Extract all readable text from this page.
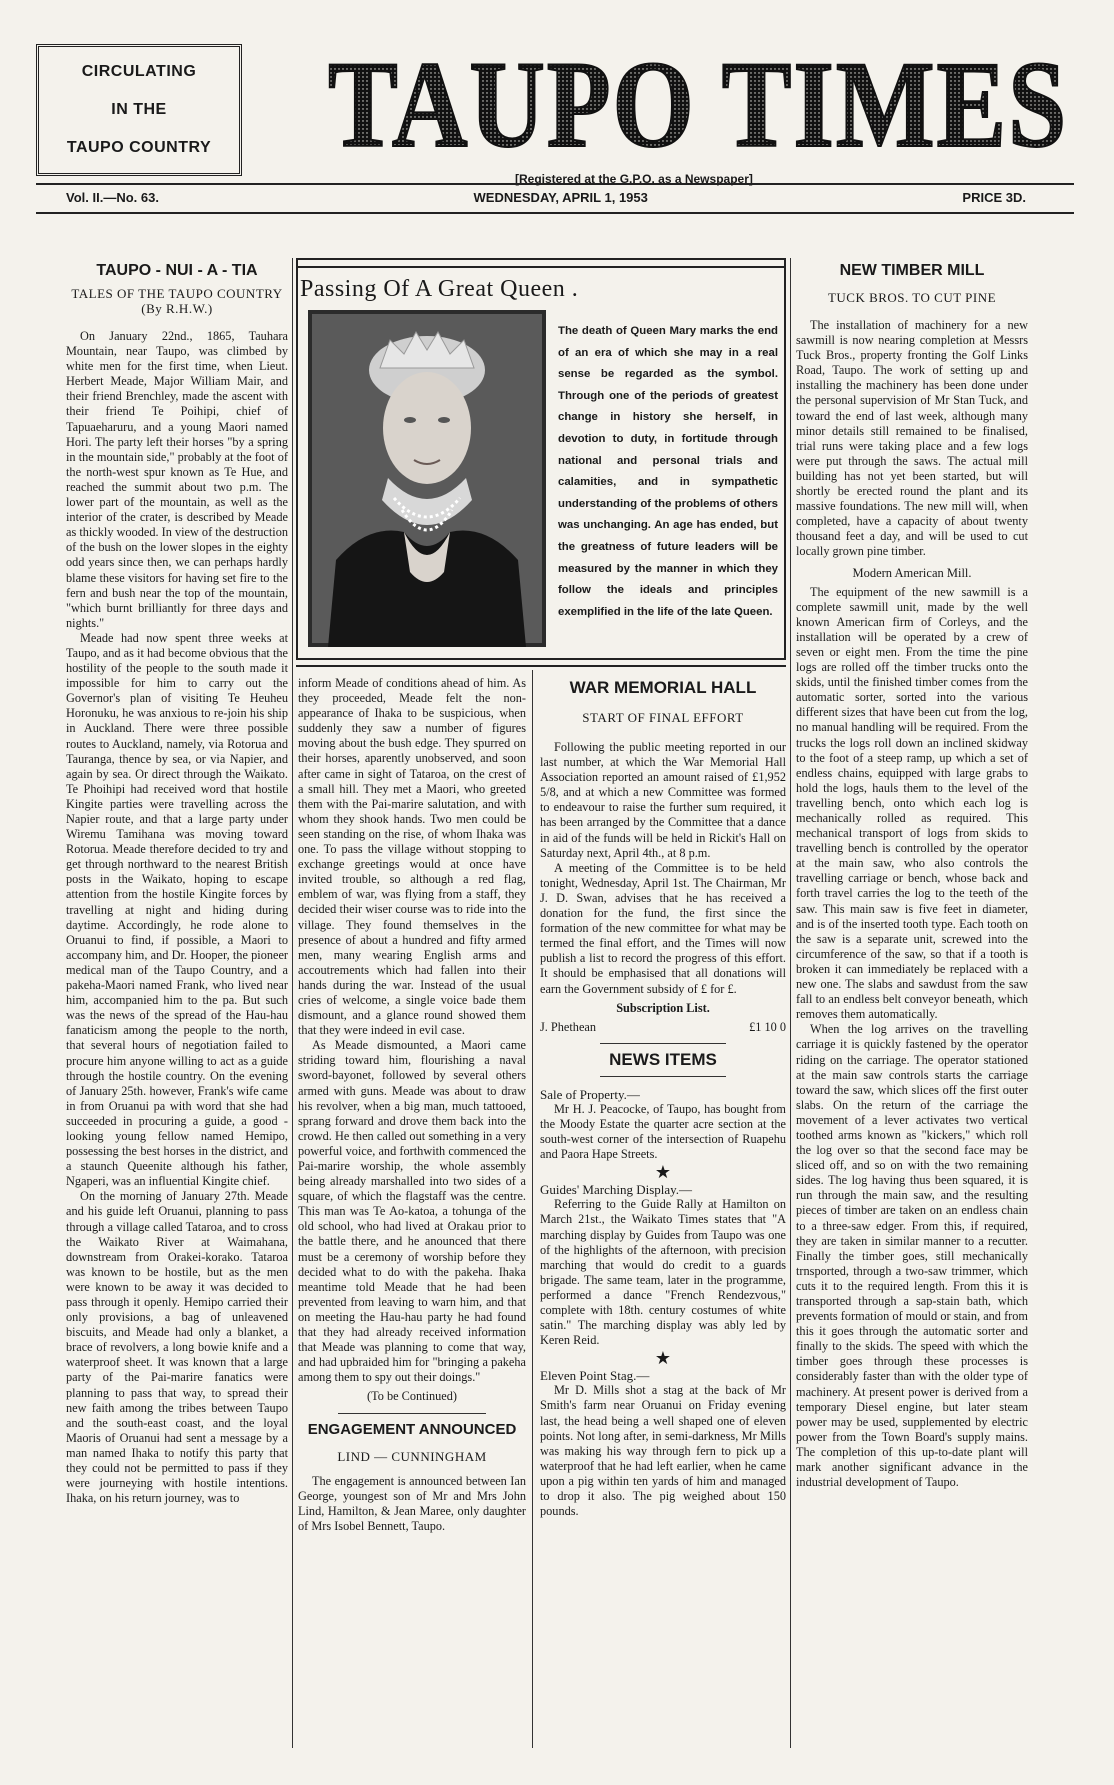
CIRCULATING
IN THE
TAUPO COUNTRY TAUPO TIMES
[Registered at the G.P.O. as a Newspaper]
Vol. II.—No. 63.	WEDNESDAY, APRIL 1, 1953	PRICE 3D.
TAUPO - NUI - A - TIA
TALES OF THE TAUPO COUNTRY
(By R.H.W.)

On January 22nd., 1865, Tauhara Mountain, near Taupo, was climbed by white men for the first time, when Lieut. Herbert Meade, Major William Mair, and their friend Brenchley, made the ascent with their friend Te Poihipi, chief of Tapuaeharuru, and a young Maori named Hori. The party left their horses "by a spring in the mountain side," probably at the foot of the north-west spur known as Te Hue, and reached the summit about two p.m. The lower part of the mountain, as well as the interior of the crater, is described by Meade as thickly wooded. In view of the destruction of the bush on the lower slopes in the eighty odd years since then, we can perhaps hardly blame these visitors for having set fire to the fern and bush near the top of the mountain, "which burnt brilliantly for three days and nights."

Meade had now spent three weeks at Taupo, and as it had become obvious that the hostility of the people to the south made it impossible for him to carry out the Governor's plan of visiting Te Heuheu Horonuku, he was anxious to re-join his ship in Auckland. There were three possible routes to Auckland, namely, via Rotorua and Tauranga, thence by sea, or via Napier, and again by sea. Or direct through the Waikato. Te Phoihipi had received word that hostile Kingite parties were travelling across the Napier route, and that a large party under Wiremu Tamihana was moving toward Rotorua. Meade therefore decided to try and get through northward to the nearest British posts in the Waikato, hoping to escape attention from the hostile Kingite forces by travelling at night and hiding during daytime. Accordingly, he rode alone to Oruanui to find, if possible, a Maori to accompany him, and Dr. Hooper, the pioneer medical man of the Taupo Country, and a pakeha-Maori named Frank, who lived near him, accompanied him to the pa. But such was the news of the spread of the Hau-hau fanaticism among the people to the north, that several hours of negotiation failed to procure him anyone willing to act as a guide through the hostile country. On the evening of January 25th. however, Frank's wife came in from Oruanui pa with word that she had succeeded in procuring a guide, a good - looking young fellow named Hemipo, possessing the best horses in the district, and a staunch Queenite although his father, Ngaperi, was an influential Kingite chief.

On the morning of January 27th. Meade and his guide left Oruanui, planning to pass through a village called Tataroa, and to cross the Waikato River at Waimahana, downstream from Orakei-korako. Tataroa was known to be hostile, but as the men were known to be away it was decided to pass through it openly. Hemipo carried their only provisions, a bag of unleavened biscuits, and Meade had only a blanket, a brace of revolvers, a long bowie knife and a waterproof sheet. It was known that a large party of the Pai-marire fanatics were planning to pass that way, to spread their new faith among the tribes between Taupo and the south-east coast, and the loyal Maoris of Oruanui had sent a message by a man named Ihaka to notify this party that they could not be permitted to pass if they were journeying with hostile intentions. Ihaka, on his return journey, was to

Passing Of A Great Queen .
The death of Queen Mary marks the end of an era of which she may in a real sense be regarded as the symbol. Through one of the periods of greatest change in history she herself, in devotion to duty, in fortitude through national and personal trials and calamities, and in sympathetic understanding of the problems of others was unchanging. An age has ended, but the greatness of future leaders will be measured by the manner in which they follow the ideals and principles exemplified in the life of the late Queen.

inform Meade of conditions ahead of him. As they proceeded, Meade felt the non-appearance of Ihaka to be suspicious, when suddenly they saw a number of figures moving about the bush edge. They spurred on their horses, aparently unobserved, and soon after came in sight of Tataroa, on the crest of a small hill. They met a Maori, who greeted them with the Pai-marire salutation, and with whom they shook hands. Two men could be seen standing on the rise, of whom Ihaka was one. To pass the village without stopping to exchange greetings would at once have invited trouble, so although a red flag, emblem of war, was flying from a staff, they decided their wiser course was to ride into the village. They found themselves in the presence of about a hundred and fifty armed men, many wearing English arms and accoutrements which had fallen into their hands during the war. Instead of the usual cries of welcome, a single voice bade them dismount, and a glance round showed them that they were indeed in evil case.

As Meade dismounted, a Maori came striding toward him, flourishing a naval sword-bayonet, followed by several others armed with guns. Meade was about to draw his revolver, when a big man, much tattooed, sprang forward and drove them back into the crowd. He then called out something in a very powerful voice, and forthwith commenced the Pai-marire worship, the whole assembly being already marshalled into two sides of a square, of which the flagstaff was the centre. This man was Te Ao-katoa, a tohunga of the old school, who had lived at Orakau prior to the battle there, and he anounced that there must be a ceremony of worship before they decided what to do with the pakeha. Ihaka meantime told Meade that he had been prevented from leaving to warn him, and that on meeting the Hau-hau party he had found that they had already received information that Meade was planning to come that way, and had upbraided him for "bringing a pakeha among them to spy out their doings."

(To be Continued)
ENGAGEMENT ANNOUNCED
LIND — CUNNINGHAM

The engagement is announced between Ian George, youngest son of Mr and Mrs John Lind, Hamilton, & Jean Maree, only daughter of Mrs Isobel Bennett, Taupo.

WAR MEMORIAL HALL
START OF FINAL EFFORT

Following the public meeting reported in our last number, at which the War Memorial Hall Association reported an amount raised of £1,952 5/8, and at which a new Committee was formed to endeavour to raise the further sum required, it has been arranged by the Committee that a dance in aid of the funds will be held in Rickit's Hall on Saturday next, April 4th., at 8 p.m.

A meeting of the Committee is to be held tonight, Wednesday, April 1st. The Chairman, Mr J. D. Swan, advises that he has received a donation for the fund, the first since the formation of the new committee for what may be termed the final effort, and the Times will now publish a list to record the progress of this effort. It should be emphasised that all donations will earn the Government subsidy of £ for £.

Subscription List.
J. Phethean	£1 10 0
NEWS ITEMS

Sale of Property.—

Mr H. J. Peacocke, of Taupo, has bought from the Moody Estate the quarter acre section at the south-west corner of the intersection of Ruapehu and Paora Hape Streets.

★

Guides' Marching Display.—

Referring to the Guide Rally at Hamilton on March 21st., the Waikato Times states that "A marching display by Guides from Taupo was one of the highlights of the afternoon, with precision marching that would do credit to a guards brigade. The same team, later in the programme, performed a dance "French Rendezvous," complete with 18th. century costumes of white satin." The marching display was ably led by Keren Reid.

★

Eleven Point Stag.—

Mr D. Mills shot a stag at the back of Mr Smith's farm near Oruanui on Friday evening last, the head being a well shaped one of eleven points. Not long after, in semi-darkness, Mr Mills was making his way through fern to pick up a waterproof that he had left earlier, when he came upon a pig within ten yards of him and managed to drop it also. The pig weighed about 150 pounds.

NEW TIMBER MILL
TUCK BROS. TO CUT PINE

The installation of machinery for a new sawmill is now nearing completion at Messrs Tuck Bros., property fronting the Golf Links Road, Taupo. The work of setting up and installing the machinery has been done under the personal supervision of Mr Stan Tuck, and toward the end of last week, although many minor details still remained to be finalised, trial runs were taking place and a few logs were put through the saws. The actual mill building has not yet been started, but will shortly be erected round the plant and its massive foundations. The new mill will, when completed, have a capacity of about twenty thousand feet a day, and will be used to cut locally grown pine timber.

Modern American Mill.

The equipment of the new sawmill is a complete sawmill unit, made by the well known American firm of Corleys, and the installation will be operated by a crew of seven or eight men. From the time the pine logs are rolled off the timber trucks onto the skids, until the finished timber comes from the automatic sorter, sorted into the various different sizes that have been cut from the log, no manual handling will be required. From the trucks the logs roll down an inclined skidway to the foot of a steep ramp, up which a set of endless chains, equipped with large grabs to hold the logs, hauls them to the level of the travelling bench, onto which each log is mechanically rolled as required. This mechanical transport of logs from skids to travelling bench is controlled by the operator at the main saw, who also controls the travelling carriage or bench, whose back and forth travel carries the log to the teeth of the saw. This main saw is five feet in diameter, and is of the inserted tooth type. Each tooth on the saw is a separate unit, screwed into the circumference of the saw, so that if a tooth is broken it can immediately be replaced with a new one. The slabs and sawdust from the saw fall to an endless belt conveyor beneath, which removes them automatically.

When the log arrives on the travelling carriage it is quickly fastened by the operator riding on the carriage. The operator stationed at the main saw controls starts the carriage toward the saw, which slices off the first outer slabs. On the return of the carriage the movement of a lever activates two vertical toothed arms known as "kickers," which roll the log over so that the second face may be sliced off, and so on with the two remaining sides. The log having thus been squared, it is run through the main saw, and the resulting pieces of timber are taken on an endless chain to a three-saw edger. From this, if required, they are taken in similar manner to a recutter. Finally the timber goes, still mechanically trnsported, through a two-saw trimmer, which cuts it to the required length. From this it is transported through a sap-stain bath, which prevents formation of mould or stain, and from this it goes through the automatic sorter and finally to the skids. The speed with which the timber goes through these processes is considerably faster than with the older type of machinery. At present power is derived from a temporary Diesel engine, but later steam power may be used, supplemented by electric power from the Town Board's supply mains. The completion of this up-to-date plant will mark another significant advance in the industrial development of Taupo.
